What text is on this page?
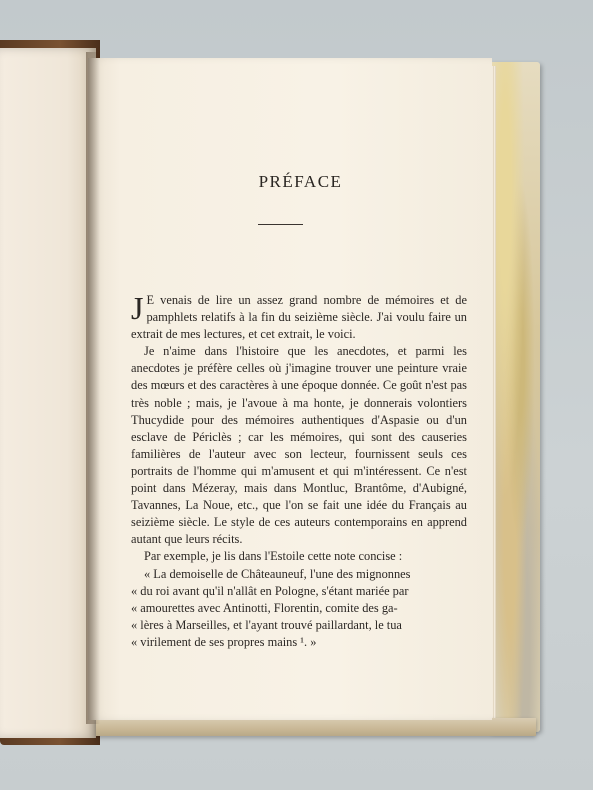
PRÉFACE

J E venais de lire un assez grand nombre de mémoires et de pamphlets relatifs à la fin du seizième siècle. J'ai voulu faire un extrait de mes lectures, et cet extrait, le voici.

Je n'aime dans l'histoire que les anecdotes, et parmi les anecdotes je préfère celles où j'imagine trouver une peinture vraie des mœurs et des caractères à une époque donnée. Ce goût n'est pas très noble ; mais, je l'avoue à ma honte, je donnerais volontiers Thucydide pour des mémoires authentiques d'Aspasie ou d'un esclave de Périclès ; car les mémoires, qui sont des causeries familières de l'auteur avec son lecteur, fournissent seuls ces portraits de l'homme qui m'amusent et qui m'intéressent. Ce n'est point dans Mézeray, mais dans Montluc, Brantôme, d'Aubigné, Tavannes, La Noue, etc., que l'on se fait une idée du Français au seizième siècle. Le style de ces auteurs contemporains en apprend autant que leurs récits.

Par exemple, je lis dans l'Estoile cette note concise :

« La demoiselle de Châteauneuf, l'une des mignonnes

« du roi avant qu'il n'allât en Pologne, s'étant mariée par

« amourettes avec Antinotti, Florentin, comite des ga-

« lères à Marseilles, et l'ayant trouvé paillardant, le tua

« virilement de ses propres mains ¹. »
